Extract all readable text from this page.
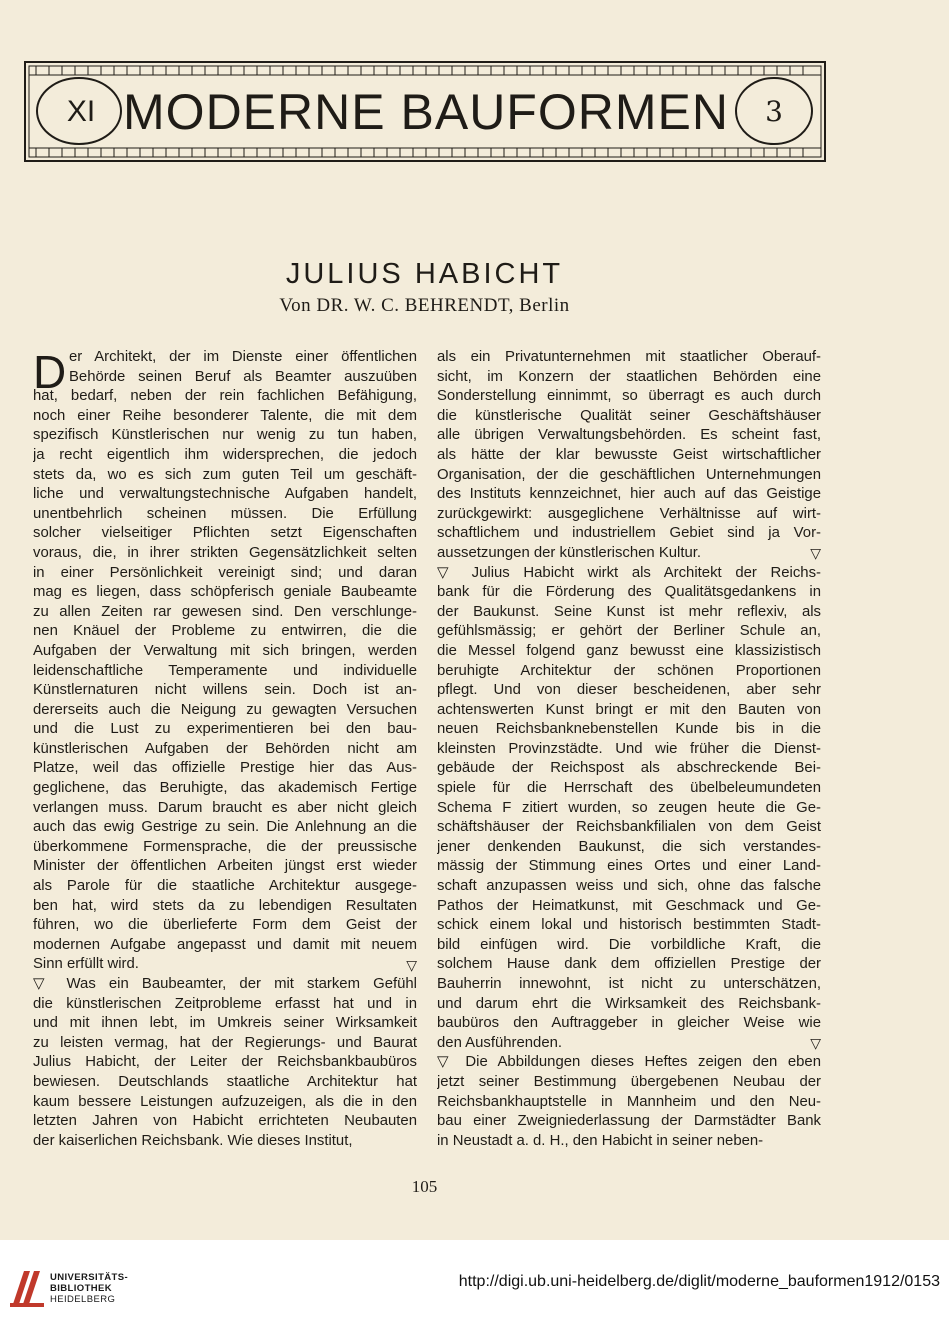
XI MODERNE BAUFORMEN	3
JULIUS HABICHT
Von DR. W. C. BEHRENDT, Berlin
D er Architekt, der im Dienste einer öffentlichen
Behörde seinen Beruf als Beamter auszuüben
hat, bedarf, neben der rein fachlichen Befähigung,
noch einer Reihe besonderer Talente, die mit dem
spezifisch Künstlerischen nur wenig zu tun haben,
ja recht eigentlich ihm widersprechen, die jedoch
stets da, wo es sich zum guten Teil um geschäft-
liche und verwaltungstechnische Aufgaben handelt,
unentbehrlich scheinen müssen. Die Erfüllung
solcher vielseitiger Pflichten setzt Eigenschaften
voraus, die, in ihrer strikten Gegensätzlichkeit selten
in einer Persönlichkeit vereinigt sind; und daran
mag es liegen, dass schöpferisch geniale Baubeamte
zu allen Zeiten rar gewesen sind. Den verschlunge-
nen Knäuel der Probleme zu entwirren, die die
Aufgaben der Verwaltung mit sich bringen, werden
leidenschaftliche Temperamente und individuelle
Künstlernaturen nicht willens sein. Doch ist an-
dererseits auch die Neigung zu gewagten Versuchen
und die Lust zu experimentieren bei den bau-
künstlerischen Aufgaben der Behörden nicht am
Platze, weil das offizielle Prestige hier das Aus-
geglichene, das Beruhigte, das akademisch Fertige
verlangen muss. Darum braucht es aber nicht gleich
auch das ewig Gestrige zu sein. Die Anlehnung an die
überkommene Formensprache, die der preussische
Minister der öffentlichen Arbeiten jüngst erst wieder
als Parole für die staatliche Architektur ausgege-
ben hat, wird stets da zu lebendigen Resultaten
führen, wo die überlieferte Form dem Geist der
modernen Aufgabe angepasst und damit mit neuem
Sinn erfüllt wird.	▽
▽ Was ein Baubeamter, der mit starkem Gefühl
die künstlerischen Zeitprobleme erfasst hat und in
und mit ihnen lebt, im Umkreis seiner Wirksamkeit
zu leisten vermag, hat der Regierungs- und Baurat
Julius Habicht, der Leiter der Reichsbankbaubüros
bewiesen. Deutschlands staatliche Architektur hat
kaum bessere Leistungen aufzuzeigen, als die in den
letzten Jahren von Habicht errichteten Neubauten
der kaiserlichen Reichsbank. Wie dieses Institut,
als ein Privatunternehmen mit staatlicher Oberauf-
sicht, im Konzern der staatlichen Behörden eine
Sonderstellung einnimmt, so überragt es auch durch
die künstlerische Qualität seiner Geschäftshäuser
alle übrigen Verwaltungsbehörden. Es scheint fast,
als hätte der klar bewusste Geist wirtschaftlicher
Organisation, der die geschäftlichen Unternehmungen
des Instituts kennzeichnet, hier auch auf das Geistige
zurückgewirkt: ausgeglichene Verhältnisse auf wirt-
schaftlichem und industriellem Gebiet sind ja Vor-
aussetzungen der künstlerischen Kultur.	▽
▽ Julius Habicht wirkt als Architekt der Reichs-
bank für die Förderung des Qualitätsgedankens in
der Baukunst. Seine Kunst ist mehr reflexiv, als
gefühlsmässig; er gehört der Berliner Schule an,
die Messel folgend ganz bewusst eine klassizistisch
beruhigte Architektur der schönen Proportionen
pflegt. Und von dieser bescheidenen, aber sehr
achtenswerten Kunst bringt er mit den Bauten von
neuen Reichsbanknebenstellen Kunde bis in die
kleinsten Provinzstädte. Und wie früher die Dienst-
gebäude der Reichspost als abschreckende Bei-
spiele für die Herrschaft des übelbeleumundeten
Schema F zitiert wurden, so zeugen heute die Ge-
schäftshäuser der Reichsbankfilialen von dem Geist
jener denkenden Baukunst, die sich verstandes-
mässig der Stimmung eines Ortes und einer Land-
schaft anzupassen weiss und sich, ohne das falsche
Pathos der Heimatkunst, mit Geschmack und Ge-
schick einem lokal und historisch bestimmten Stadt-
bild einfügen wird. Die vorbildliche Kraft, die
solchem Hause dank dem offiziellen Prestige der
Bauherrin innewohnt, ist nicht zu unterschätzen,
und darum ehrt die Wirksamkeit des Reichsbank-
baubüros den Auftraggeber in gleicher Weise wie
den Ausführenden.	▽
▽ Die Abbildungen dieses Heftes zeigen den eben
jetzt seiner Bestimmung übergebenen Neubau der
Reichsbankhauptstelle in Mannheim und den Neu-
bau einer Zweigniederlassung der Darmstädter Bank
in Neustadt a. d. H., den Habicht in seiner neben-
105
UNIVERSITÄTS-
BIBLIOTHEK
HEIDELBERG
http://digi.ub.uni-heidelberg.de/diglit/moderne_bauformen1912/0153
